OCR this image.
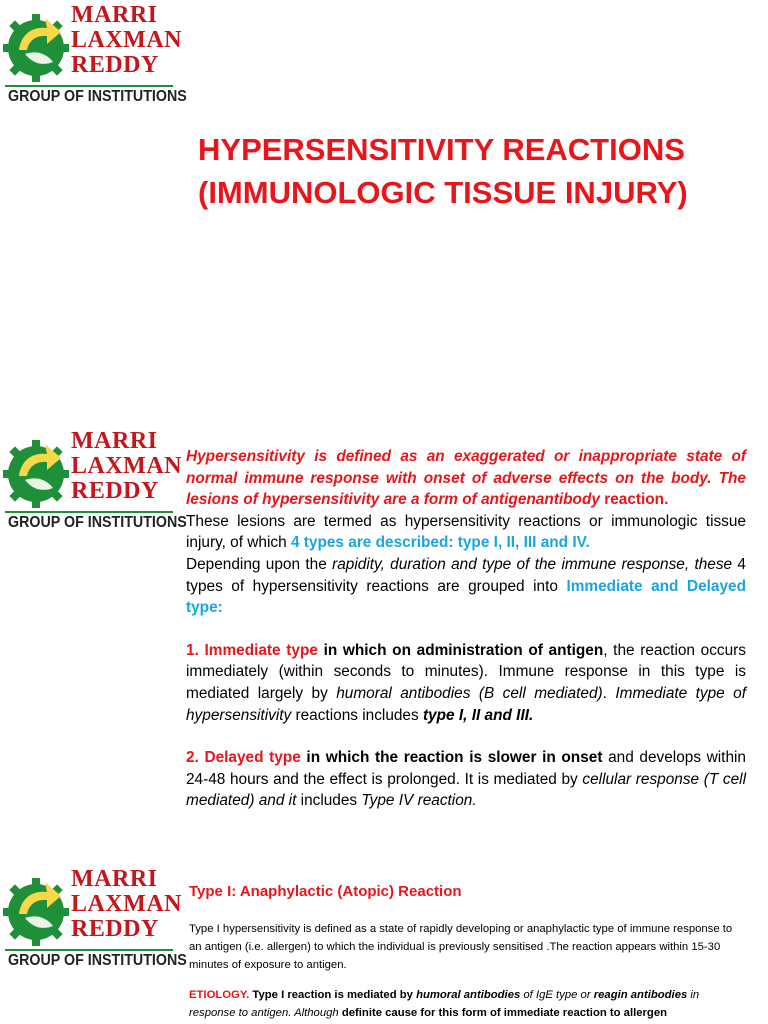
MARRI
LAXMAN
REDDY
GROUP OF INSTITUTIONS
HYPERSENSITIVITY REACTIONS
(IMMUNOLOGIC TISSUE INJURY)
MARRI
LAXMAN
REDDY
GROUP OF INSTITUTIONS

Hypersensitivity is defined as an exaggerated or inappropriate state of normal immune response with onset of adverse effects on the body. The lesions of hypersensitivity are a form of antigenantibody reaction.

These lesions are termed as hypersensitivity reactions or immunologic tissue injury, of which 4 types are described: type I, II, III and IV.

Depending upon the rapidity, duration and type of the immune response, these 4 types of hypersensitivity reactions are grouped into Immediate and Delayed type:

1. Immediate type in which on administration of antigen, the reaction occurs immediately (within seconds to minutes). Immune response in this type is mediated largely by humoral antibodies (B cell mediated). Immediate type of hypersensitivity reactions includes type I, II and III.

2. Delayed type in which the reaction is slower in onset and develops within 24-48 hours and the effect is prolonged. It is mediated by cellular response (T cell mediated) and it includes Type IV reaction.

MARRI
LAXMAN
REDDY
GROUP OF INSTITUTIONS
Type I: Anaphylactic (Atopic) Reaction

Type I hypersensitivity is defined as a state of rapidly developing or anaphylactic type of immune response to an antigen (i.e. allergen) to which the individual is previously sensitised .The reaction appears within 15-30 minutes of exposure to antigen.

ETIOLOGY. Type I reaction is mediated by humoral antibodies of IgE type or reagin antibodies in response to antigen. Although definite cause for this form of immediate reaction to allergen
